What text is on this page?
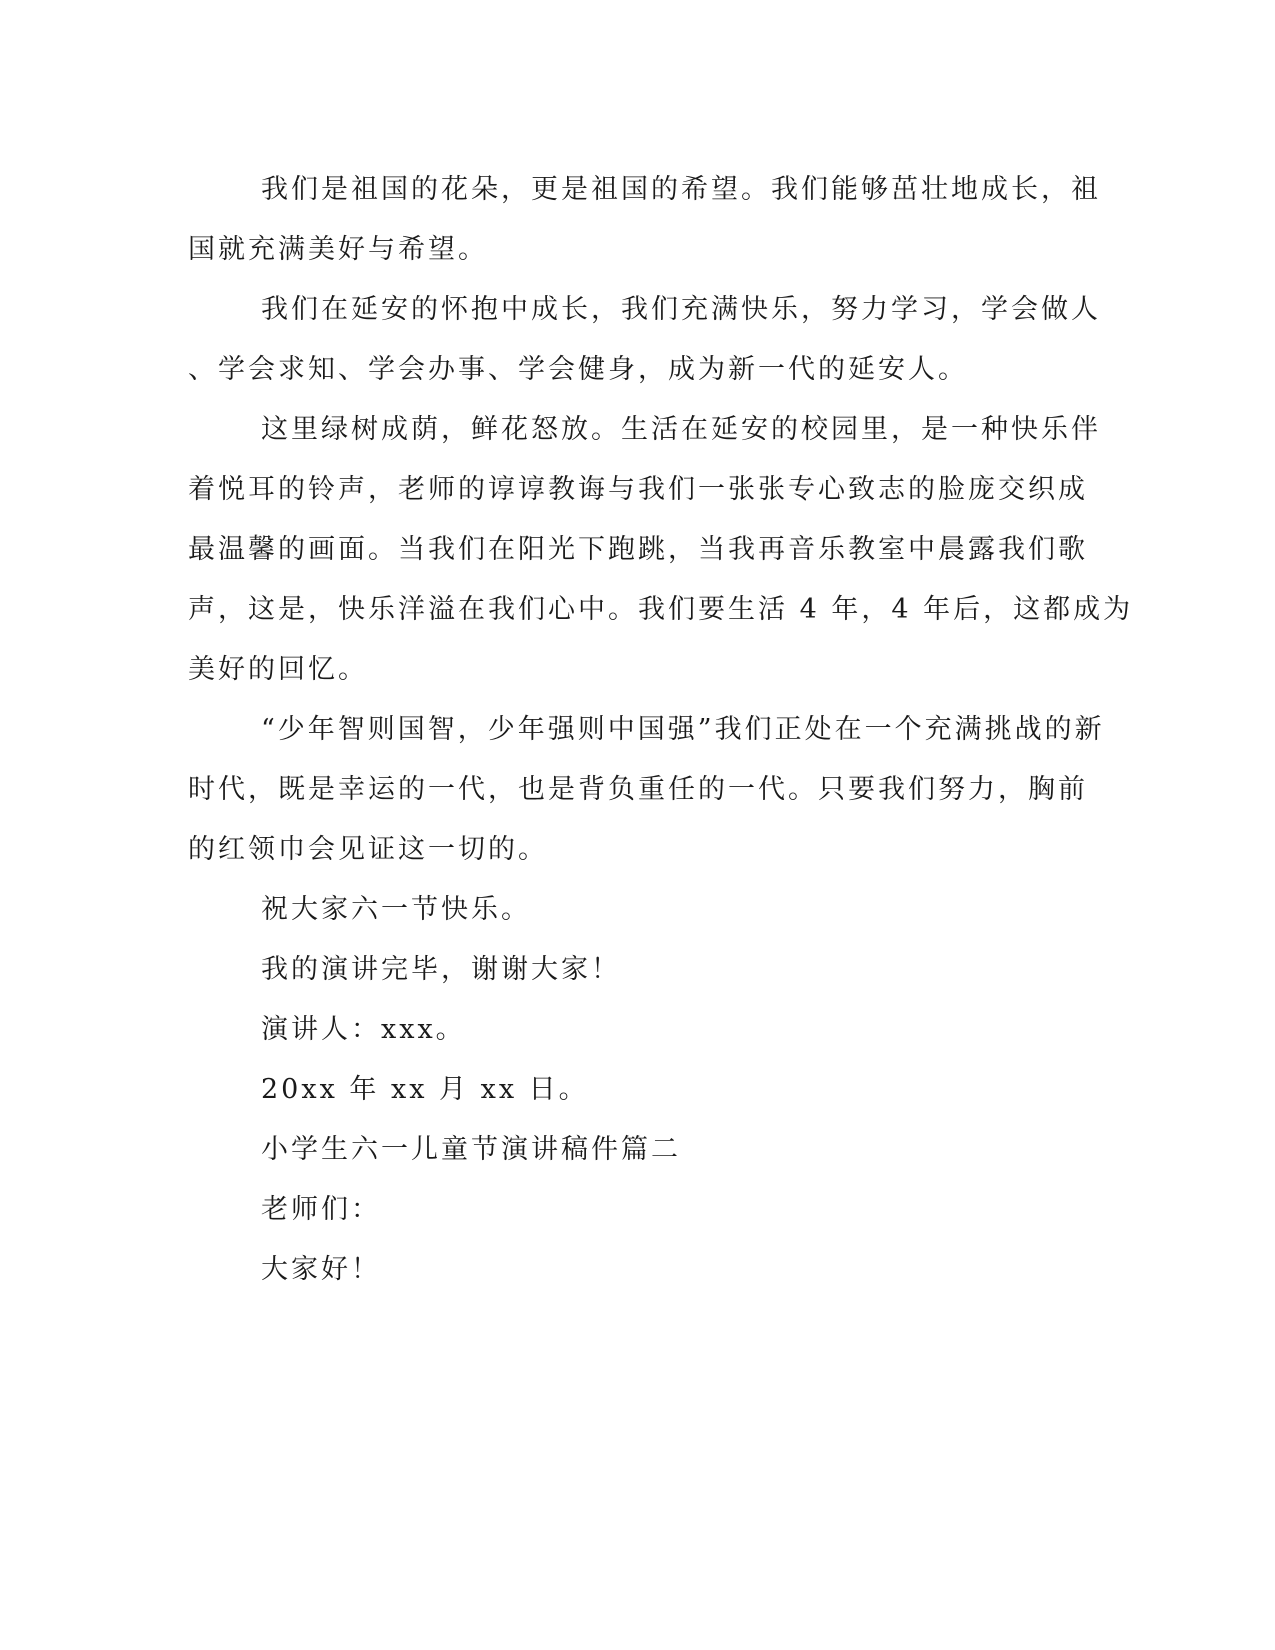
我们是祖国的花朵，更是祖国的希望。我们能够茁壮地成长，祖
国就充满美好与希望。
我们在延安的怀抱中成长，我们充满快乐，努力学习，学会做人
、学会求知、学会办事、学会健身，成为新一代的延安人。
这里绿树成荫，鲜花怒放。生活在延安的校园里，是一种快乐伴
着悦耳的铃声，老师的谆谆教诲与我们一张张专心致志的脸庞交织成
最温馨的画面。当我们在阳光下跑跳，当我再音乐教室中晨露我们歌
声，这是，快乐洋溢在我们心中。我们要生活 4 年，4 年后，这都成为
美好的回忆。
“少年智则国智，少年强则中国强”我们正处在一个充满挑战的新
时代，既是幸运的一代，也是背负重任的一代。只要我们努力，胸前
的红领巾会见证这一切的。
祝大家六一节快乐。
我的演讲完毕，谢谢大家！
演讲人：xxx。
20xx 年 xx 月 xx 日。
小学生六一儿童节演讲稿件篇二
老师们：
大家好！
